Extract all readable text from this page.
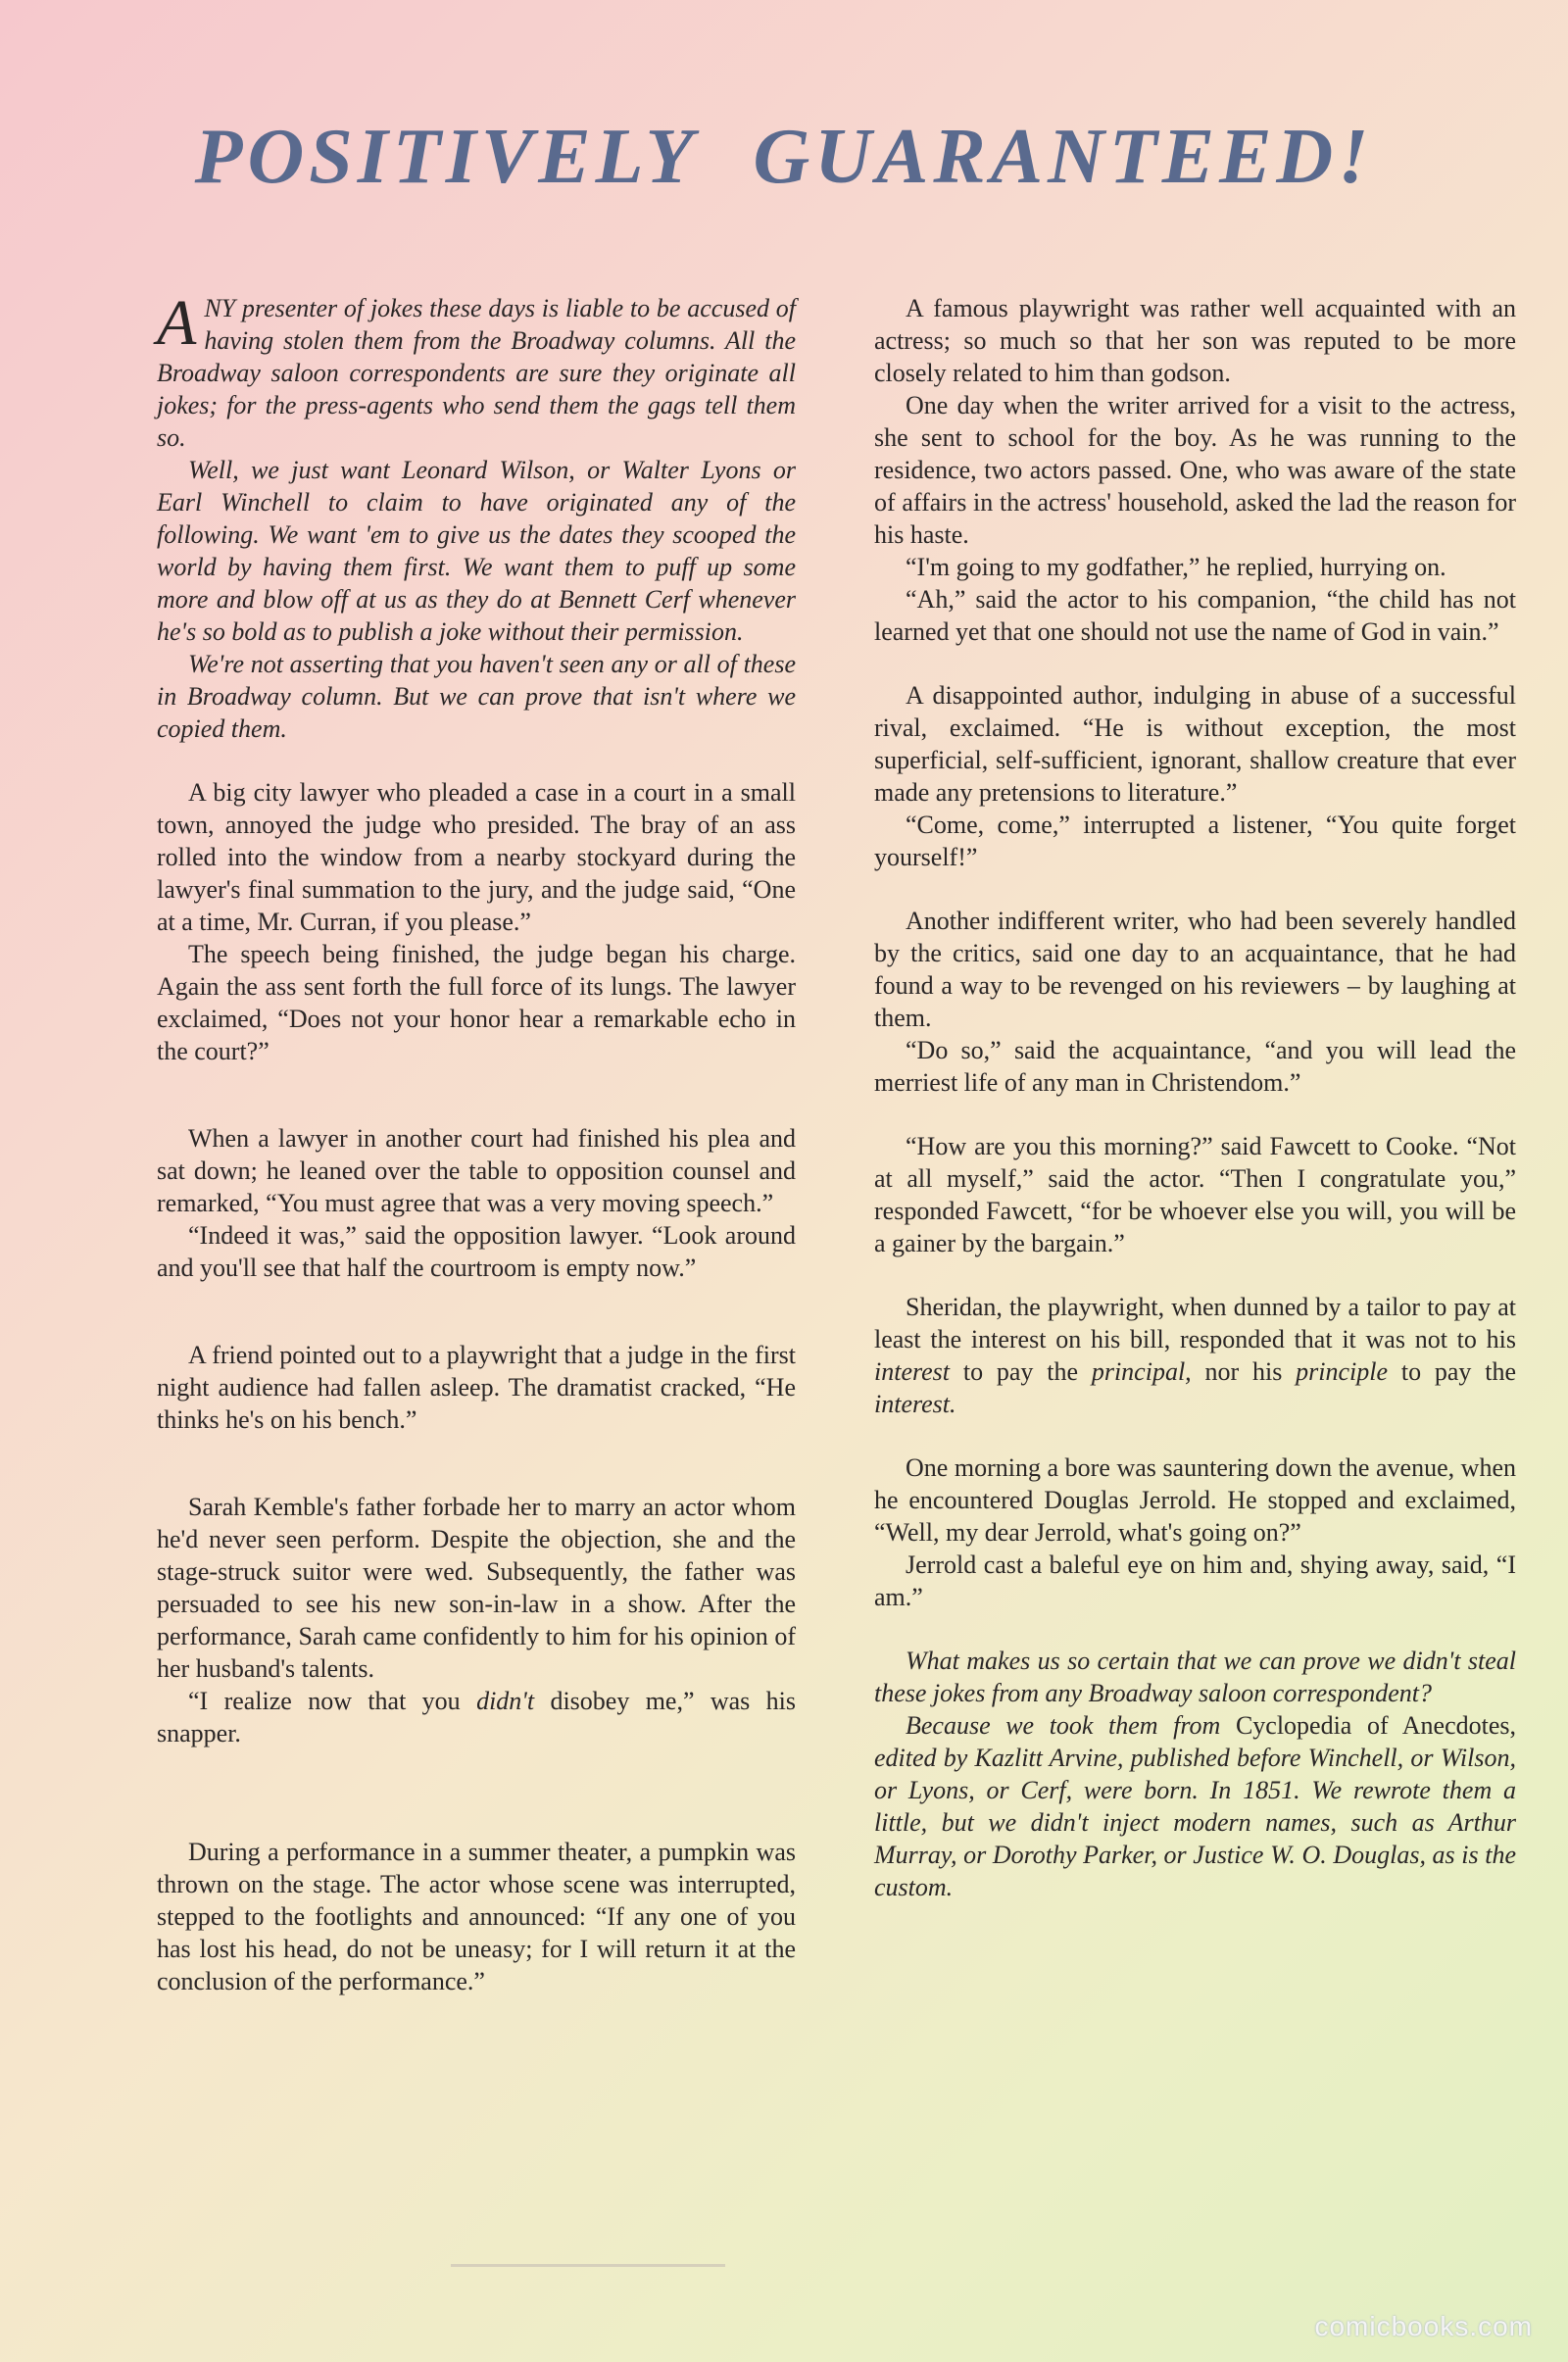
POSITIVELY GUARANTEED!

ANY presenter of jokes these days is liable to be accused of having stolen them from the Broadway columns. All the Broadway saloon correspondents are sure they originate all jokes; for the press-agents who send them the gags tell them so.

Well, we just want Leonard Wilson, or Walter Lyons or Earl Winchell to claim to have originated any of the following. We want 'em to give us the dates they scooped the world by having them first. We want them to puff up some more and blow off at us as they do at Bennett Cerf whenever he's so bold as to publish a joke without their permission.

We're not asserting that you haven't seen any or all of these in Broadway column. But we can prove that isn't where we copied them.

A big city lawyer who pleaded a case in a court in a small town, annoyed the judge who presided. The bray of an ass rolled into the window from a nearby stockyard during the lawyer's final summation to the jury, and the judge said, “One at a time, Mr. Curran, if you please.”

The speech being finished, the judge began his charge. Again the ass sent forth the full force of its lungs. The lawyer exclaimed, “Does not your honor hear a remarkable echo in the court?”

When a lawyer in another court had finished his plea and sat down; he leaned over the table to opposition counsel and remarked, “You must agree that was a very moving speech.”

“Indeed it was,” said the opposition lawyer. “Look around and you'll see that half the courtroom is empty now.”

A friend pointed out to a playwright that a judge in the first night audience had fallen asleep. The dramatist cracked, “He thinks he's on his bench.”

Sarah Kemble's father forbade her to marry an actor whom he'd never seen perform. Despite the objection, she and the stage-struck suitor were wed. Subsequently, the father was persuaded to see his new son-in-law in a show. After the performance, Sarah came confidently to him for his opinion of her husband's talents.

“I realize now that you didn't disobey me,” was his snapper.

During a performance in a summer theater, a pumpkin was thrown on the stage. The actor whose scene was interrupted, stepped to the footlights and announced: “If any one of you has lost his head, do not be uneasy; for I will return it at the conclusion of the performance.”

A famous playwright was rather well acquainted with an actress; so much so that her son was reputed to be more closely related to him than godson.

One day when the writer arrived for a visit to the actress, she sent to school for the boy. As he was running to the residence, two actors passed. One, who was aware of the state of affairs in the actress' household, asked the lad the reason for his haste.

“I'm going to my godfather,” he replied, hurrying on.

“Ah,” said the actor to his companion, “the child has not learned yet that one should not use the name of God in vain.”

A disappointed author, indulging in abuse of a successful rival, exclaimed. “He is without exception, the most superficial, self-sufficient, ignorant, shallow creature that ever made any pretensions to literature.”

“Come, come,” interrupted a listener, “You quite forget yourself!”

Another indifferent writer, who had been severely handled by the critics, said one day to an acquaintance, that he had found a way to be revenged on his reviewers – by laughing at them.

“Do so,” said the acquaintance, “and you will lead the merriest life of any man in Christendom.”

“How are you this morning?” said Fawcett to Cooke. “Not at all myself,” said the actor. “Then I congratulate you,” responded Fawcett, “for be whoever else you will, you will be a gainer by the bargain.”

Sheridan, the playwright, when dunned by a tailor to pay at least the interest on his bill, responded that it was not to his interest to pay the principal, nor his principle to pay the interest.

One morning a bore was sauntering down the avenue, when he encountered Douglas Jerrold. He stopped and exclaimed, “Well, my dear Jerrold, what's going on?”

Jerrold cast a baleful eye on him and, shying away, said, “I am.”

What makes us so certain that we can prove we didn't steal these jokes from any Broadway saloon correspondent?

Because we took them from Cyclopedia of Anecdotes, edited by Kazlitt Arvine, published before Winchell, or Wilson, or Lyons, or Cerf, were born. In 1851. We rewrote them a little, but we didn't inject modern names, such as Arthur Murray, or Dorothy Parker, or Justice W. O. Douglas, as is the custom.

comicbooks.com
